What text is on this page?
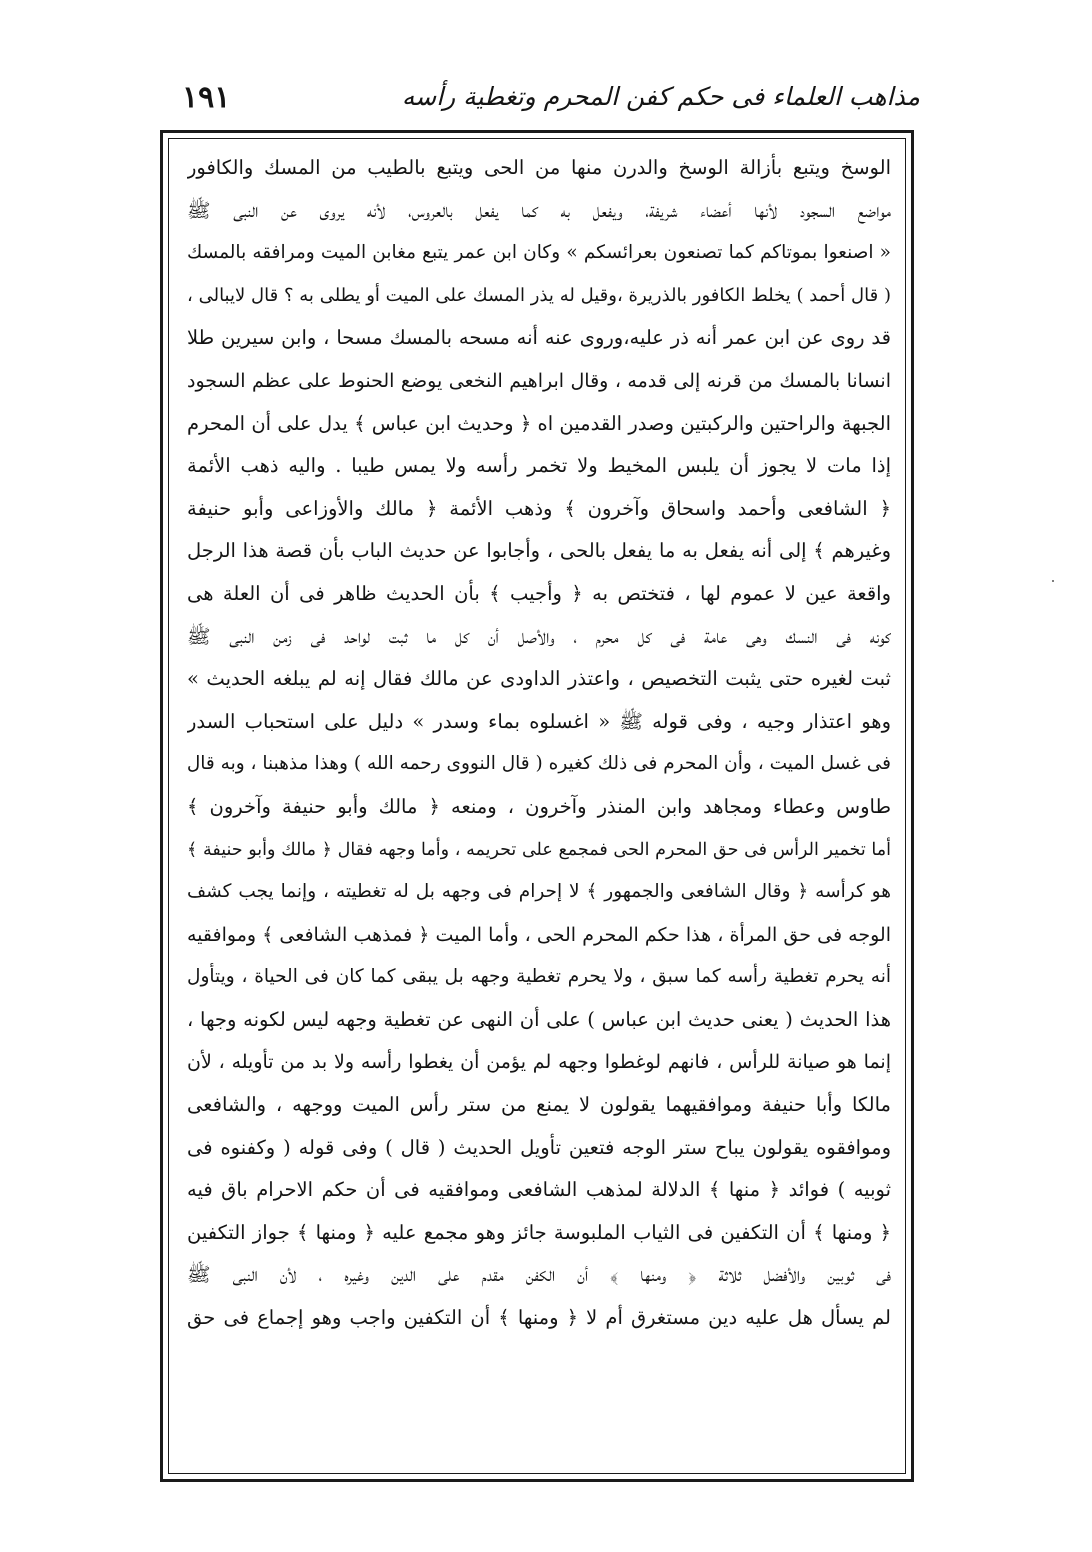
١٩١	مذاهب العلماء فى حكم كفن المحرم وتغطية رأسه
الوسخ ويتبع بأزالة الوسخ والدرن منها من الحى ويتبع بالطيب من المسك والكافور
مواضع السجود لأنها أعضاء شريفة، ويفعل به كما يفعل بالعروس، لأنه يروى عن النبى ﷺ
« اصنعوا بموتاكم كما تصنعون بعرائسكم » وكان ابن عمر يتبع مغابن الميت ومرافقه بالمسك
( قال أحمد ) يخلط الكافور بالذريرة ،وقيل له يذر المسك على الميت أو يطلى به ؟ قال لايبالى ،
قد روى عن ابن عمر أنه ذر عليه،وروى عنه أنه مسحه بالمسك مسحا ، وابن سيرين طلا
انسانا بالمسك من قرنه إلى قدمه ، وقال ابراهيم النخعى يوضع الحنوط على عظم السجود
الجبهة والراحتين والركبتين وصدر القدمين اه ﴿ وحديث ابن عباس ﴾ يدل على أن المحرم
إذا مات لا يجوز أن يلبس المخيط ولا تخمر رأسه ولا يمس طيبا . واليه ذهب الأئمة
﴿ الشافعى وأحمد واسحاق وآخرون ﴾ وذهب الأئمة ﴿ مالك والأوزاعى وأبو حنيفة
وغيرهم ﴾ إلى أنه يفعل به ما يفعل بالحى ، وأجابوا عن حديث الباب بأن قصة هذا الرجل
واقعة عين لا عموم لها ، فتختص به ﴿ وأجيب ﴾ بأن الحديث ظاهر فى أن العلة هى
كونه فى النسك وهى عامة فى كل محرم ، والأصل أن كل ما ثبت لواحد فى زمن النبى ﷺ
ثبت لغيره حتى يثبت التخصيص ، واعتذر الداودى عن مالك فقال إنه لم يبلغه الحديث »
وهو اعتذار وجيه ، وفى قوله ﷺ « اغسلوه بماء وسدر » دليل على استحباب السدر
فى غسل الميت ، وأن المحرم فى ذلك كغيره ( قال النووى رحمه الله ) وهذا مذهبنا ، وبه قال
طاوس وعطاء ومجاهد وابن المنذر وآخرون ، ومنعه ﴿ مالك وأبو حنيفة وآخرون ﴾
أما تخمير الرأس فى حق المحرم الحى فمجمع على تحريمه ، وأما وجهه فقال ﴿ مالك وأبو حنيفة ﴾
هو كرأسه ﴿ وقال الشافعى والجمهور ﴾ لا إحرام فى وجهه بل له تغطيته ، وإنما يجب كشف
الوجه فى حق المرأة ، هذا حكم المحرم الحى ، وأما الميت ﴿ فمذهب الشافعى ﴾ وموافقيه
أنه يحرم تغطية رأسه كما سبق ، ولا يحرم تغطية وجهه بل يبقى كما كان فى الحياة ، ويتأول
هذا الحديث ( يعنى حديث ابن عباس ) على أن النهى عن تغطية وجهه ليس لكونه وجها ،
إنما هو صيانة للرأس ، فانهم لوغطوا وجهه لم يؤمن أن يغطوا رأسه ولا بد من تأويله ، لأن
مالكا وأبا حنيفة وموافقيهما يقولون لا يمنع من ستر رأس الميت ووجهه ، والشافعى
وموافقوه يقولون يباح ستر الوجه فتعين تأويل الحديث ( قال ) وفى قوله ( وكفنوه فى
ثوبيه ) فوائد ﴿ منها ﴾ الدلالة لمذهب الشافعى وموافقيه فى أن حكم الاحرام باق فيه
﴿ ومنها ﴾ أن التكفين فى الثياب الملبوسة جائز وهو مجمع عليه ﴿ ومنها ﴾ جواز التكفين
فى ثوبين والأفضل ثلاثة ﴿ ومنها ﴾ أن الكفن مقدم على الدين وغيره ، لأن النبى ﷺ
لم يسأل هل عليه دين مستغرق أم لا ﴿ ومنها ﴾ أن التكفين واجب وهو إجماع فى حق
